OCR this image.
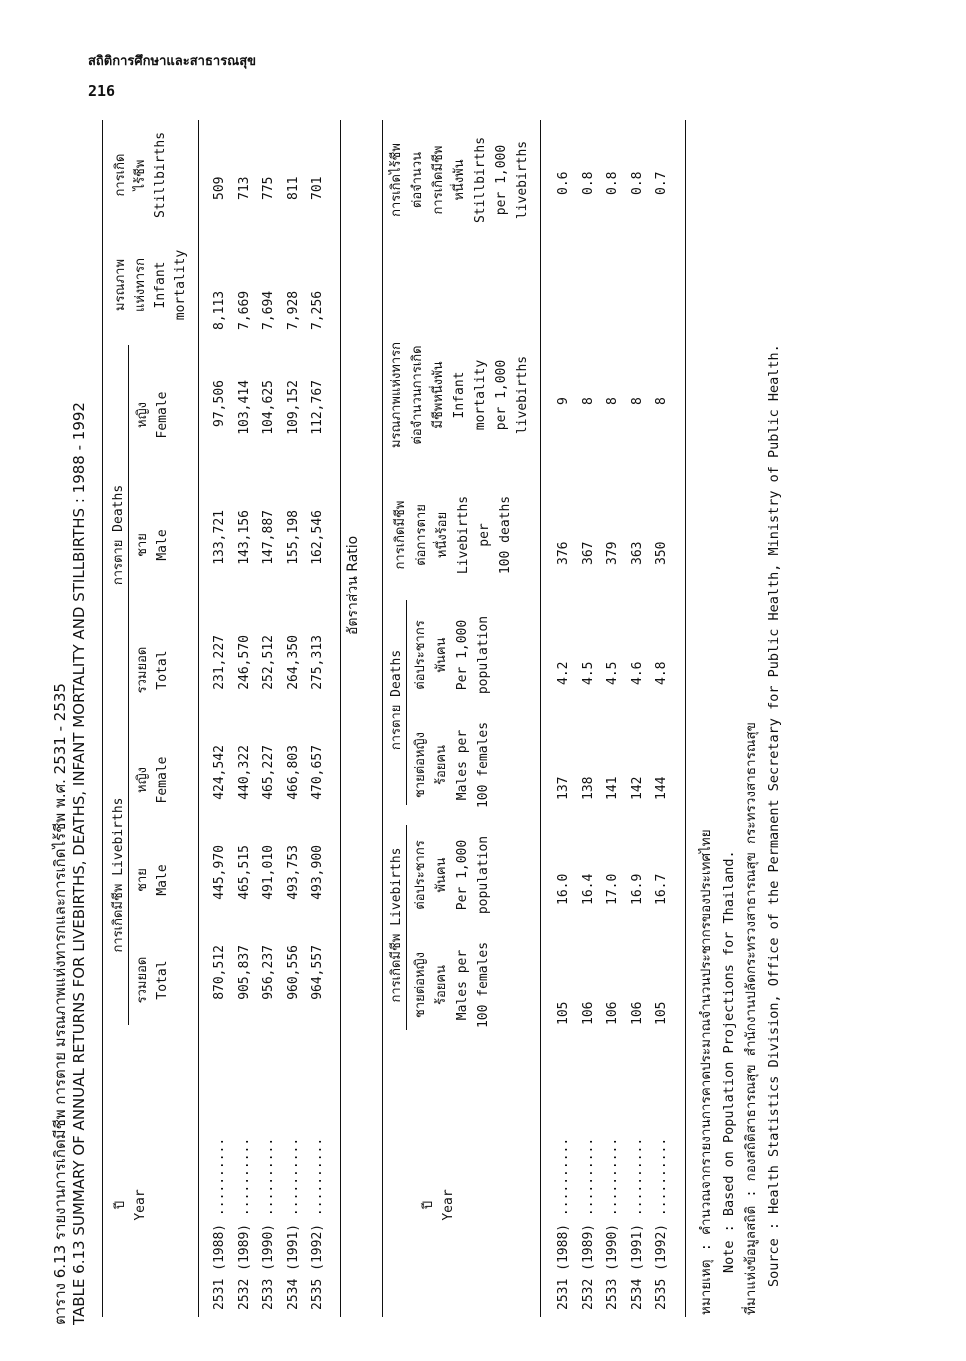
สถิติการศึกษาและสาธารณสุข
216
ตาราง 6.13 รายงานการเกิดมีชีพ การตาย มรณภาพแห่งทารกและการเกิดไร้ชีพ พ.ศ. 2531 - 2535 TABLE 6.13 SUMMARY OF ANNUAL RETURNS FOR LIVEBIRTHS, DEATHS, INFANT MORTALITY AND STILLBIRTHS : 1988 - 1992 ปี Year
การเกิดมีชีพ Livebirths
การตาย Deaths
รวมยอด Total
ชาย Male
หญิง Female
รวมยอด Total
ชาย Male
หญิง Female
มรณภาพ แห่งทารก Infant mortality
การเกิด ไร้ชีพ Stillbirths
2531 (1988) ..........
2532 (1989) ..........
2533 (1990) ..........
2534 (1991) ..........
2535 (1992) ..........
870,512 905,837 956,237 960,556 964,557
445,970 465,515 491,010 493,753 493,900
424,542 440,322 465,227 466,803 470,657
231,227 246,570 252,512 264,350 275,313
133,721 143,156 147,887 155,198 162,546
97,506 103,414 104,625 109,152 112,767
8,113 7,669 7,694 7,928 7,256
509 713 775 811 701
อัตราส่วน Ratio
ปี Year
การเกิดมีชีพ Livebirths
การตาย Deaths
ชายต่อหญิง ร้อยคน Males per 100 females
ต่อประชากร พันคน Per 1,000 population
ชายต่อหญิง ร้อยคน Males per 100 females
ต่อประชากร พันคน Per 1,000 population
การเกิดมีชีพ ต่อการตาย หนึ่งร้อย Livebirths per 100 deaths
มรณภาพแห่งทารก ต่อจำนวนการเกิด มีชีพหนึ่งพัน Infant mortality per 1,000 livebirths
การเกิดไร้ชีพ ต่อจำนวน การเกิดมีชีพ หนึ่งพัน Stillbirths per 1,000 livebirths
2531 (1988) ..........
2532 (1989) ..........
2533 (1990) ..........
2534 (1991) ..........
2535 (1992) ..........
105 106 106 106 105
16.0 16.4 17.0 16.9 16.7
137 138 141 142 144
4.2 4.5 4.5 4.6 4.8
376 367 379 363 350
9 8 8 8 8
0.6 0.8 0.8 0.8 0.7
หมายเหตุ : คำนวณจากรายงานการคาดประมาณจำนวนประชากรของประเทศไทย Note : Based on Population Projections for Thailand. ที่มาแห่งข้อมูลสถิติ : กองสถิติสาธารณสุข สำนักงานปลัดกระทรวงสาธารณสุข กระทรวงสาธารณสุข Source : Health Statistics Division, Office of the Permanent Secretary for Public Health, Ministry of Public Health.
